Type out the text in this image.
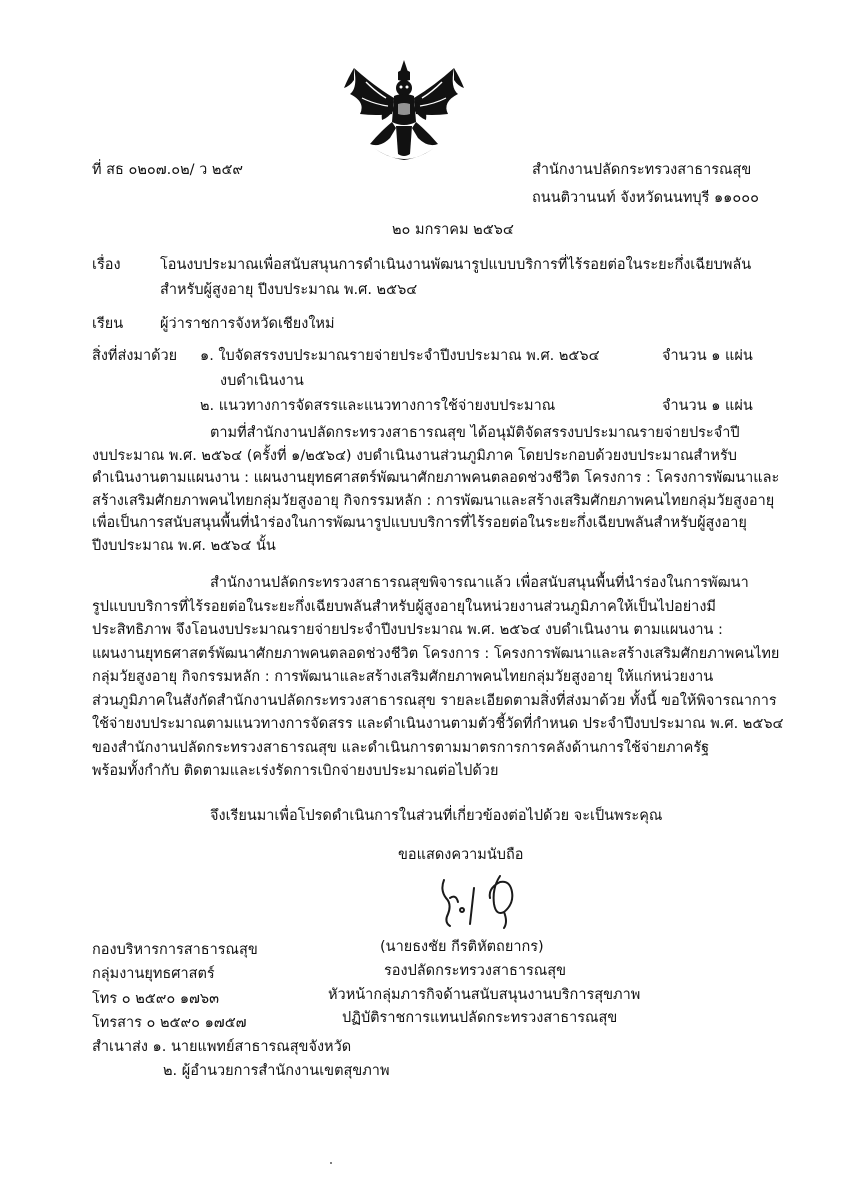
ที่ สธ ๐๒๐๗.๐๒/ ว ๒๕๙	สำนักงานปลัดกระทรวงสาธารณสุข
ถนนติวานนท์ จังหวัดนนทบุรี ๑๑๐๐๐
๒๐ มกราคม ๒๕๖๔
เรื่อง	โอนงบประมาณเพื่อสนับสนุนการดำเนินงานพัฒนารูปแบบบริการที่ไร้รอยต่อในระยะกึ่งเฉียบพลัน
สำหรับผู้สูงอายุ ปีงบประมาณ พ.ศ. ๒๕๖๔
เรียน	ผู้ว่าราชการจังหวัดเชียงใหม่
สิ่งที่ส่งมาด้วย ๑. ใบจัดสรรงบประมาณรายจ่ายประจำปีงบประมาณ พ.ศ. ๒๕๖๔	จำนวน ๑ แผ่น
งบดำเนินงาน
๒. แนวทางการจัดสรรและแนวทางการใช้จ่ายงบประมาณ	จำนวน ๑ แผ่น
ตามที่สำนักงานปลัดกระทรวงสาธารณสุข ได้อนุมัติจัดสรรงบประมาณรายจ่ายประจำปี
งบประมาณ พ.ศ. ๒๕๖๔ (ครั้งที่ ๑/๒๕๖๔) งบดำเนินงานส่วนภูมิภาค โดยประกอบด้วยงบประมาณสำหรับ
ดำเนินงานตามแผนงาน : แผนงานยุทธศาสตร์พัฒนาศักยภาพคนตลอดช่วงชีวิต โครงการ : โครงการพัฒนาและ
สร้างเสริมศักยภาพคนไทยกลุ่มวัยสูงอายุ กิจกรรมหลัก : การพัฒนาและสร้างเสริมศักยภาพคนไทยกลุ่มวัยสูงอายุ
เพื่อเป็นการสนับสนุนพื้นที่นำร่องในการพัฒนารูปแบบบริการที่ไร้รอยต่อในระยะกึ่งเฉียบพลันสำหรับผู้สูงอายุ
ปีงบประมาณ พ.ศ. ๒๕๖๔ นั้น
สำนักงานปลัดกระทรวงสาธารณสุขพิจารณาแล้ว เพื่อสนับสนุนพื้นที่นำร่องในการพัฒนา
รูปแบบบริการที่ไร้รอยต่อในระยะกึ่งเฉียบพลันสำหรับผู้สูงอายุในหน่วยงานส่วนภูมิภาคให้เป็นไปอย่างมี
ประสิทธิภาพ จึงโอนงบประมาณรายจ่ายประจำปีงบประมาณ พ.ศ. ๒๕๖๔ งบดำเนินงาน ตามแผนงาน :
แผนงานยุทธศาสตร์พัฒนาศักยภาพคนตลอดช่วงชีวิต โครงการ : โครงการพัฒนาและสร้างเสริมศักยภาพคนไทย
กลุ่มวัยสูงอายุ กิจกรรมหลัก : การพัฒนาและสร้างเสริมศักยภาพคนไทยกลุ่มวัยสูงอายุ ให้แก่หน่วยงาน
ส่วนภูมิภาคในสังกัดสำนักงานปลัดกระทรวงสาธารณสุข รายละเอียดตามสิ่งที่ส่งมาด้วย ทั้งนี้ ขอให้พิจารณาการ
ใช้จ่ายงบประมาณตามแนวทางการจัดสรร และดำเนินงานตามตัวชี้วัดที่กำหนด ประจำปีงบประมาณ พ.ศ. ๒๕๖๔
ของสำนักงานปลัดกระทรวงสาธารณสุข และดำเนินการตามมาตรการการคลังด้านการใช้จ่ายภาครัฐ
พร้อมทั้งกำกับ ติดตามและเร่งรัดการเบิกจ่ายงบประมาณต่อไปด้วย
จึงเรียนมาเพื่อโปรดดำเนินการในส่วนที่เกี่ยวข้องต่อไปด้วย จะเป็นพระคุณ
ขอแสดงความนับถือ
(นายธงชัย กีรติหัตถยากร)
รองปลัดกระทรวงสาธารณสุข
หัวหน้ากลุ่มภารกิจด้านสนับสนุนงานบริการสุขภาพ
ปฏิบัติราชการแทนปลัดกระทรวงสาธารณสุข
กองบริหารการสาธารณสุข
กลุ่มงานยุทธศาสตร์
โทร ๐ ๒๕๙๐ ๑๗๖๓
โทรสาร ๐ ๒๕๙๐ ๑๗๕๗
สำเนาส่ง ๑. นายแพทย์สาธารณสุขจังหวัด
๒. ผู้อำนวยการสำนักงานเขตสุขภาพ
